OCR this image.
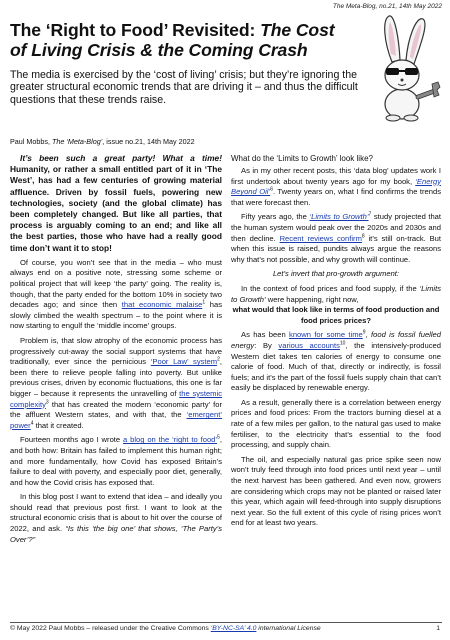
The Meta-Blog, no.21, 14th May 2022
The ‘Right to Food’ Revisited: The Cost of Living Crisis & the Coming Crash

The media is exercised by the ‘cost of living’ crisis; but they’re ignoring the greater structural economic trends that are driving it – and thus the difficult questions that these trends raise.

Paul Mobbs, The ‘Meta-Blog’, issue no.21, 14th May 2022

It’s been such a great party! What a time! Humanity, or rather a small entitled part of it in ‘The West’, has had a few centuries of growing material affluence. Driven by fossil fuels, powering new technologies, society (and the global climate) has been completely changed. But like all parties, that process is arguably coming to an end; and like all the best parties, those who have had a really good time don’t want it to stop!

Of course, you won’t see that in the media – who must always end on a positive note, stressing some scheme or political project that will keep ‘the party’ going. The reality is, though, that the party ended for the bottom 10% in society two decades ago; and since then that economic malaise$^1$ has slowly climbed the wealth spectrum – to the point where it is now starting to engulf the ‘middle income’ groups.

Problem is, that slow atrophy of the economic process has progressively cut-away the social support systems that have traditionally, ever since the pernicious ‘Poor Law’ system$^2$, been there to relieve people falling into poverty. But unlike previous crises, driven by economic fluctuations, this one is far bigger – because it represents the unravelling of the systemic complexity$^3$ that has created the modern ‘economic party’ for the affluent Western states, and with that, the ‘emergent’ power$^4$ that it created.

Fourteen months ago I wrote a blog on the ‘right to food’$^5$, and both how: Britain has failed to implement this human right; and more fundamentally, how Covid has exposed Britain’s failure to deal with poverty, and especially poor diet, generally, and how the Covid crisis has exposed that.

In this blog post I want to extend that idea – and ideally you should read that previous post first. I want to look at the structural economic crisis that is about to hit over the course of 2022, and ask. “Is this ‘the big one’ that shows, ‘The Party’s Over’?”

What do the ‘Limits to Growth’ look like?

As in my other recent posts, this ‘data blog’ updates work I first undertook about twenty years ago for my book, ‘Energy Beyond Oil’$^6$. Twenty years on, what I find confirms the trends that were forecast then.

Fifty years ago, the ‘Limits to Growth’$^7$ study projected that the human system would peak over the 2020s and 2030s and then decline. Recent reviews confirm$^8$ it’s still on-track. But when this issue is raised, pundits always argue the reasons why that’s not possible, and why growth will continue.

Let’s invert that pro-growth argument:

In the context of food prices and food supply, if the ‘Limits to Growth’ were happening, right now,

what would that look like in terms of food production and food prices prices?

As has been known for some time$^9$, food is fossil fuelled energy: By various accounts$^{10}$, the intensively-produced Western diet takes ten calories of energy to consume one calorie of food. Much of that, directly or indirectly, is fossil fuels; and it’s the part of the fossil fuels supply chain that can’t easily be displaced by renewable energy.

As a result, generally there is a correlation between energy prices and food prices: From the tractors burning diesel at a rate of a few miles per gallon, to the natural gas used to make fertiliser, to the electricity that’s essential to the food processing, and supply chain.

The oil, and especially natural gas price spike seen now won’t truly feed through into food prices until next year – until the next harvest has been gathered. And even now, growers are considering which crops may not be planted or raised later this year, which again will feed-through into supply disruptions next year. So the full extent of this cycle of rising prices won’t end for at least two years.

© May 2022 Paul Mobbs – released under the Creative Commons ‘BY-NC-SA’ 4.0 international License	1
